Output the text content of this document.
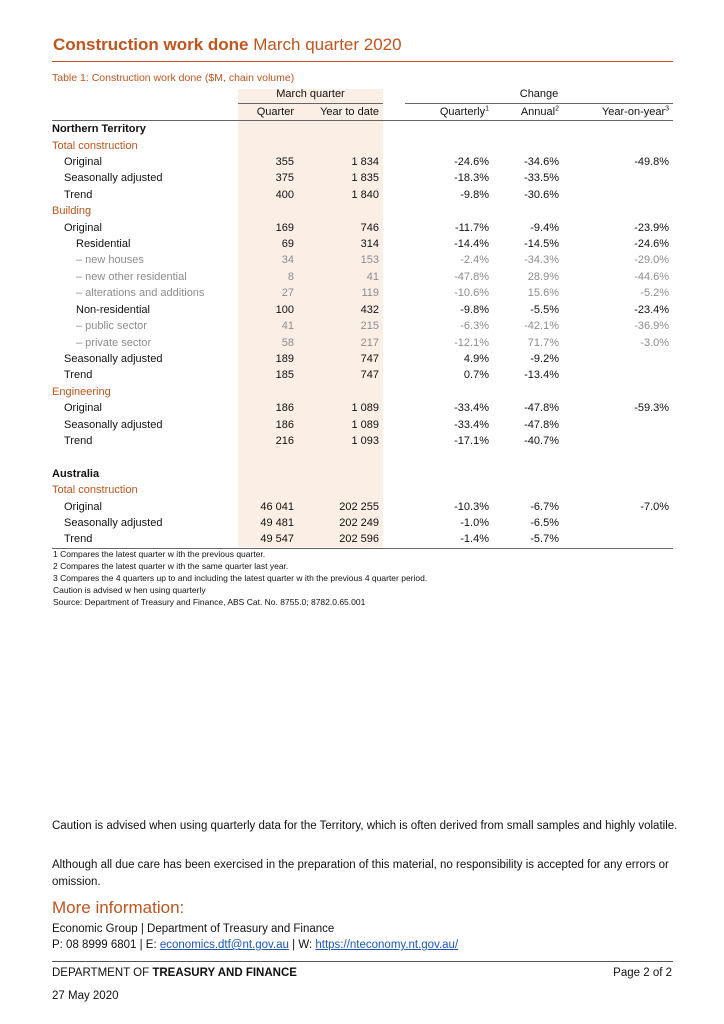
Construction work done March quarter 2020
Table 1: Construction work done ($M, chain volume)						
	March quarter			Change		
	Quarter	Year to date		Quarterly$^1$	Annual$^2$	Year-on-year$^3$
Northern Territory						
Total construction						
Original	355	1 834		-24.6%	-34.6%	-49.8%
Seasonally adjusted	375	1 835		-18.3%	-33.5%	
Trend	400	1 840		-9.8%	-30.6%	
Building						
Original	169	746		-11.7%	-9.4%	-23.9%
Residential	69	314		-14.4%	-14.5%	-24.6%
– new houses	34	153		-2.4%	-34.3%	-29.0%
– new other residential	8	41		-47.8%	28.9%	-44.6%
– alterations and additions	27	119		-10.6%	15.6%	-5.2%
Non-residential	100	432		-9.8%	-5.5%	-23.4%
– public sector	41	215		-6.3%	-42.1%	-36.9%
– private sector	58	217		-12.1%	71.7%	-3.0%
Seasonally adjusted	189	747		4.9%	-9.2%	
Trend	185	747		0.7%	-13.4%	
Engineering						
Original	186	1 089		-33.4%	-47.8%	-59.3%
Seasonally adjusted	186	1 089		-33.4%	-47.8%	
Trend	216	1 093		-17.1%	-40.7%	

Australia						
Total construction						
Original	46 041	202 255		-10.3%	-6.7%	-7.0%
Seasonally adjusted	49 481	202 249		-1.0%	-6.5%	
Trend	49 547	202 596		-1.4%	-5.7%	
1 Compares the latest quarter w ith the previous quarter.
2 Compares the latest quarter w ith the same quarter last year.
3 Compares the 4 quarters up to and including the latest quarter w ith the previous 4 quarter period.
Caution is advised w hen using quarterly
Source: Department of Treasury and Finance, ABS Cat. No. 8755.0; 8782.0.65.001
Caution is advised when using quarterly data for the Territory, which is often derived from small samples and highly volatile.
Although all due care has been exercised in the preparation of this material, no responsibility is accepted for any errors or omission.
More information:
Economic Group | Department of Treasury and Finance
P: 08 8999 6801 | E: economics.dtf@nt.gov.au | W: https://nteconomy.nt.gov.au/
DEPARTMENT OF TREASURY AND FINANCE	Page 2 of 2
27 May 2020
